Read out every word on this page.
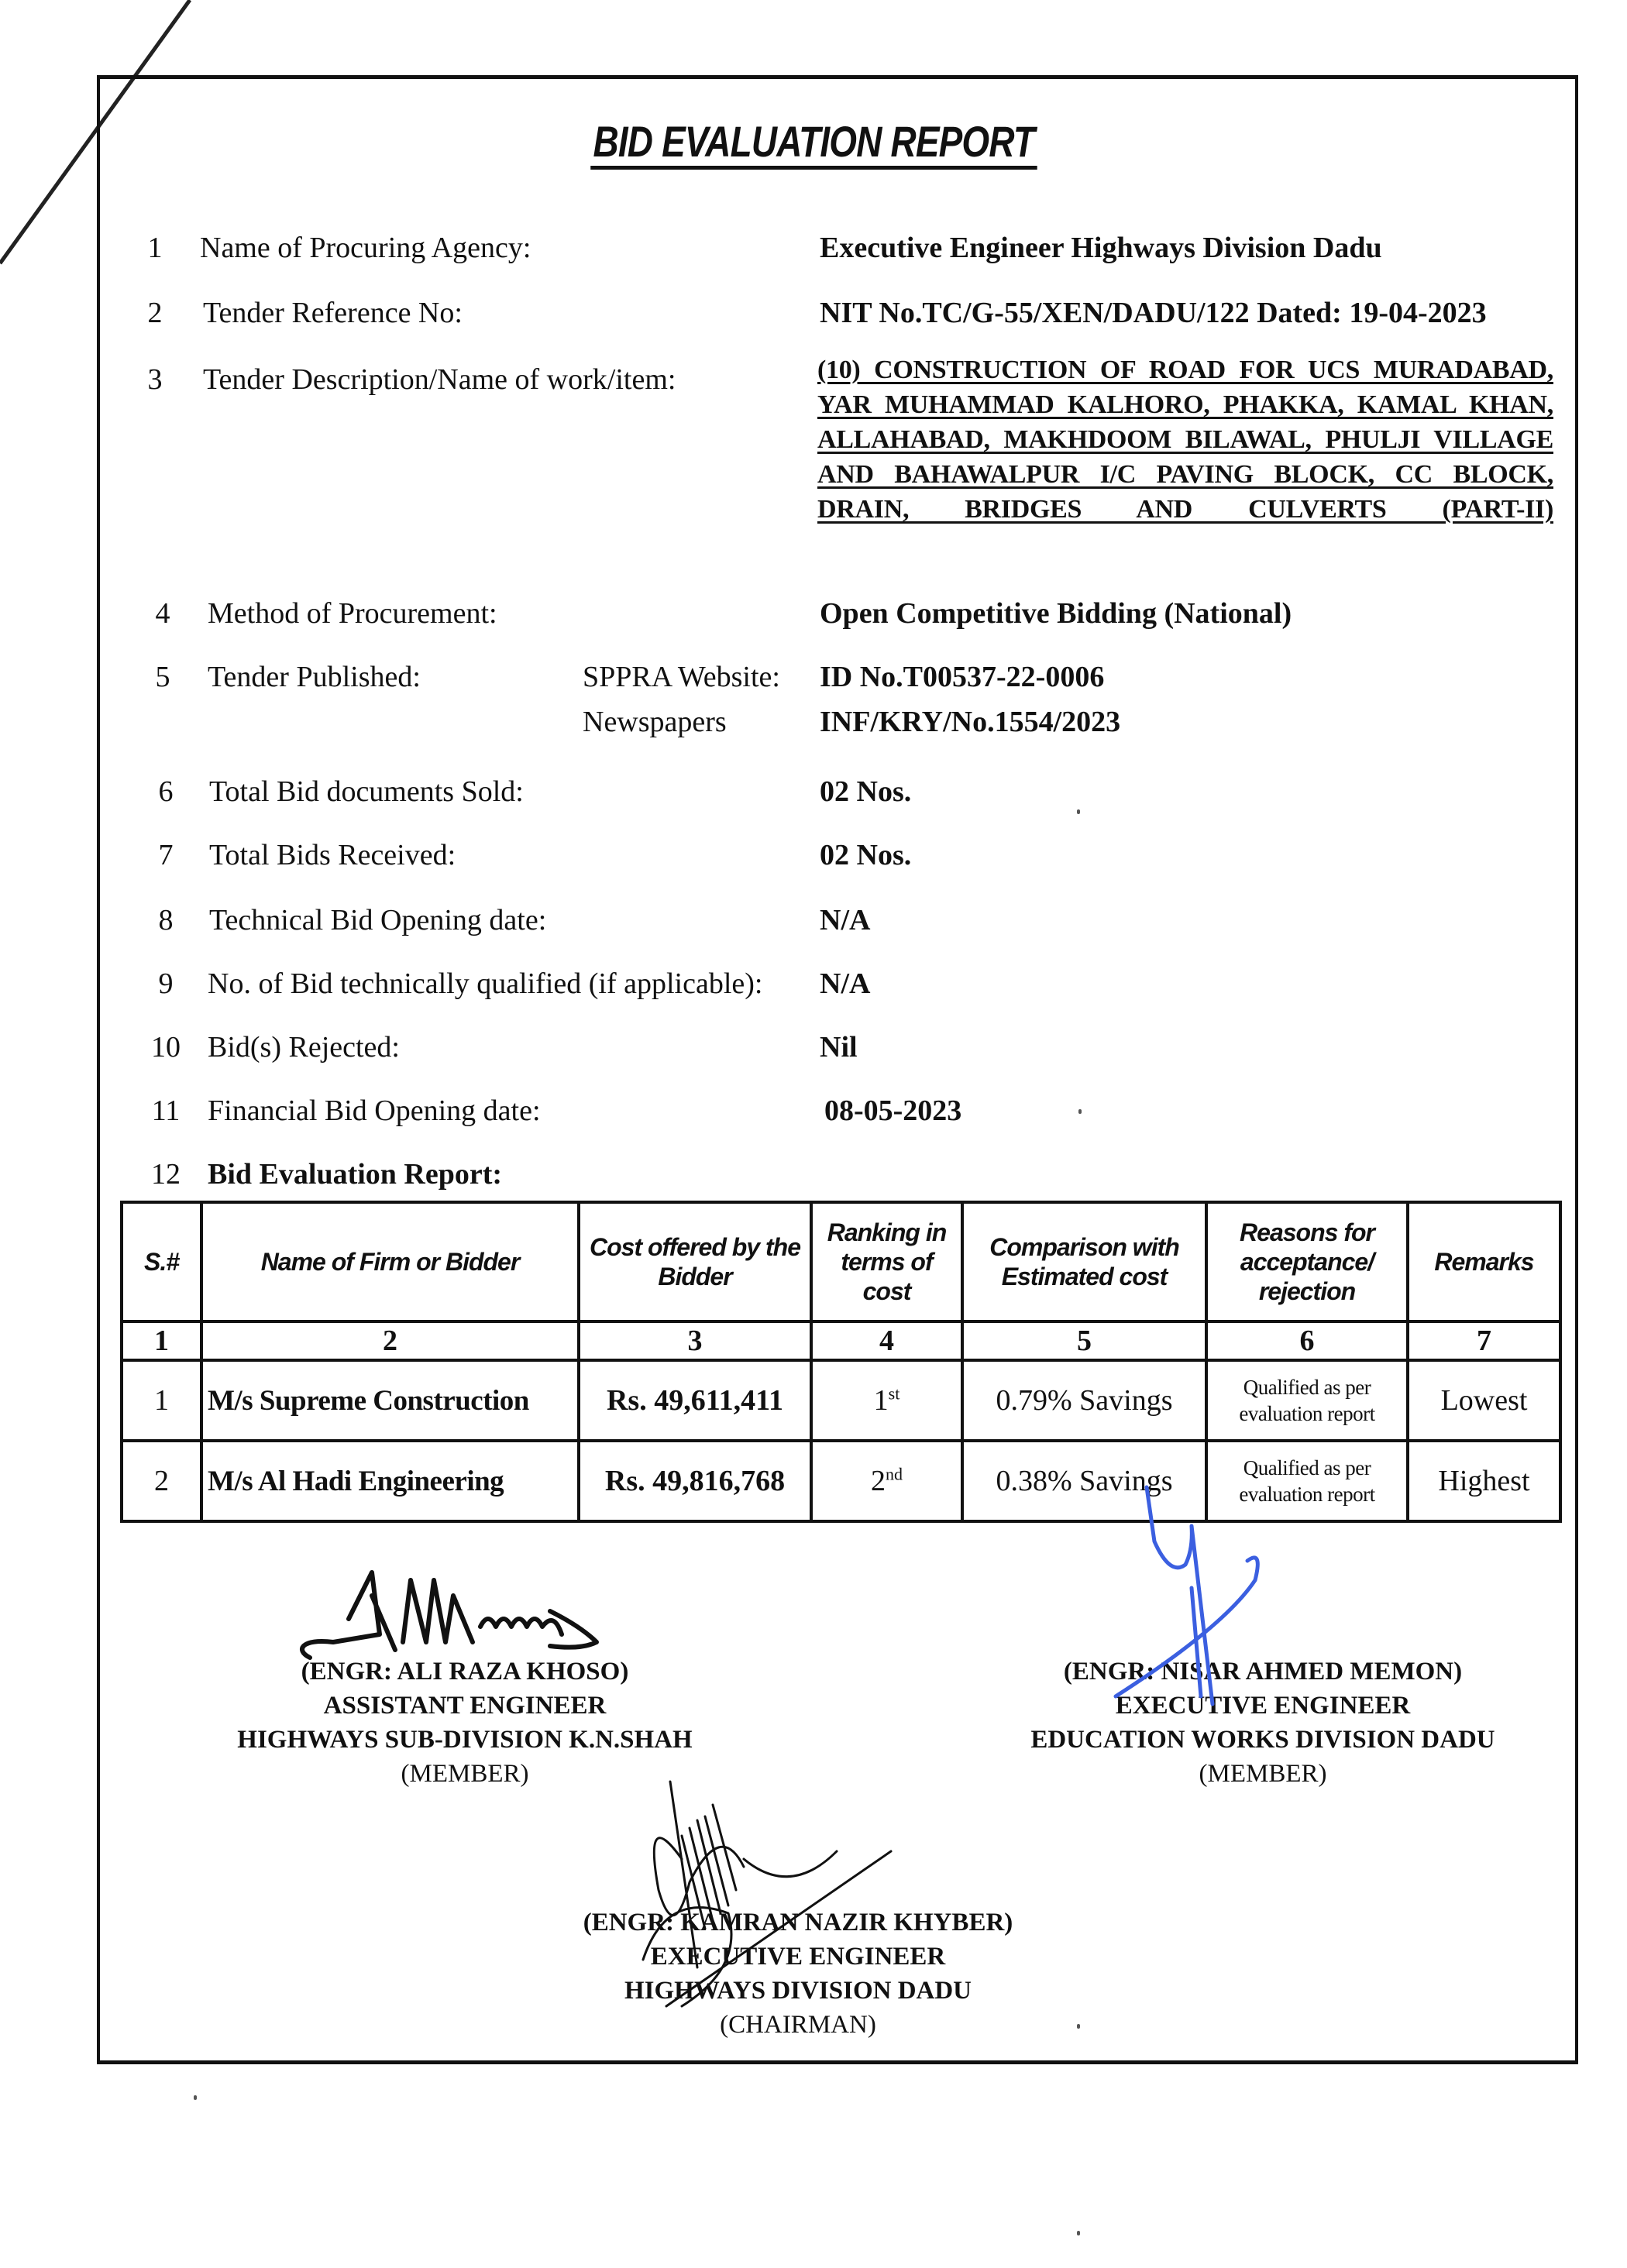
BID EVALUATION REPORT
1	Name of Procuring Agency:	Executive Engineer Highways Division Dadu
2	Tender Reference No:	NIT No.TC/G-55/XEN/DADU/122 Dated: 19-04-2023
3	Tender Description/Name of work/item:	(10) CONSTRUCTION OF ROAD FOR UCS MURADABAD, YAR MUHAMMAD KALHORO, PHAKKA, KAMAL KHAN, ALLAHABAD, MAKHDOOM BILAWAL, PHULJI VILLAGE AND BAHAWALPUR I/C PAVING BLOCK, CC BLOCK, DRAIN, BRIDGES AND CULVERTS (PART-II)
4	Method of Procurement:	Open Competitive Bidding (National)
5	Tender Published:	SPPRA Website: ID No.T00537-22-0006
Newspapers	INF/KRY/No.1554/2023
6	Total Bid documents Sold:	02 Nos.
7	Total Bids Received:	02 Nos.
8	Technical Bid Opening date:	N/A
9	No. of Bid technically qualified (if applicable): N/A
10 Bid(s) Rejected:	Nil
11 Financial Bid Opening date:	08-05-2023
12 Bid Evaluation Report:
S.#	Name of Firm or Bidder	Cost offered by the Bidder	Ranking in terms of cost	Comparison with Estimated cost	Reasons for acceptance/ rejection	Remarks
1	2	3	4	5	6	7
1	M/s Supreme Construction	Rs. 49,611,411	1st	0.79% Savings	Qualified as per evaluation report	Lowest
2	M/s Al Hadi Engineering	Rs. 49,816,768	2nd	0.38% Savings	Qualified as per evaluation report	Highest
(ENGR: ALI RAZA KHOSO)
ASSISTANT ENGINEER
HIGHWAYS SUB-DIVISION K.N.SHAH
(MEMBER)
(ENGR: NISAR AHMED MEMON)
EXECUTIVE ENGINEER
EDUCATION WORKS DIVISION DADU
(MEMBER)
(ENGR: KAMRAN NAZIR KHYBER)
EXECUTIVE ENGINEER
HIGHWAYS DIVISION DADU
(CHAIRMAN)
